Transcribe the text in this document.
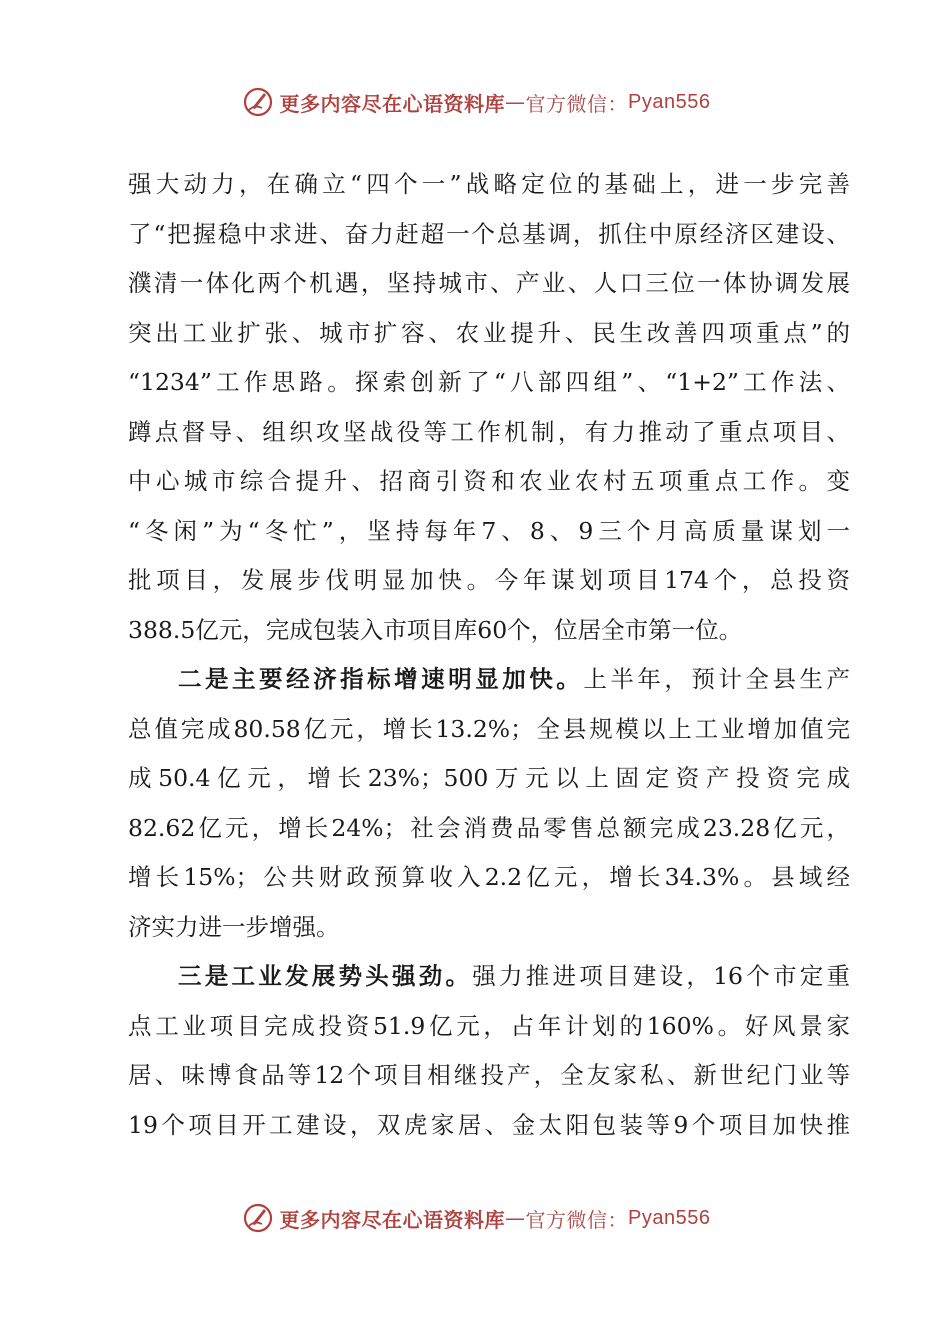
更多内容尽在心语资料库 — 官方微信： Pyan556
强大动力，在确立“四个一”战略定位的基础上，进一步完善
了“把握稳中求进、奋力赶超一个总基调，抓住中原经济区建设、
濮清一体化两个机遇，坚持城市、产业、人口三位一体协调发展
突出工业扩张、城市扩容、农业提升、民生改善四项重点”的
“1234”工作思路。探索创新了“八部四组”、“1+2”工作法、
蹲点督导、组织攻坚战役等工作机制，有力推动了重点项目、
中心城市综合提升、招商引资和农业农村五项重点工作。变
“冬闲”为“冬忙”，坚持每年7、8、9三个月高质量谋划一
批项目，发展步伐明显加快。今年谋划项目174个，总投资
388.5亿元，完成包装入市项目库60个，位居全市第一位。
二是主要经济指标增速明显加快。上半年，预计全县生产
总值完成80.58亿元，增长13.2%；全县规模以上工业增加值完
成50.4亿元，增长23%；500万元以上固定资产投资完成
82.62亿元，增长24%；社会消费品零售总额完成23.28亿元，
增长15%；公共财政预算收入2.2亿元，增长34.3%。县域经
济实力进一步增强。
三是工业发展势头强劲。强力推进项目建设，16个市定重
点工业项目完成投资51.9亿元，占年计划的160%。好风景家
居、味博食品等12个项目相继投产，全友家私、新世纪门业等
19个项目开工建设，双虎家居、金太阳包装等9个项目加快推
更多内容尽在心语资料库 — 官方微信： Pyan556
